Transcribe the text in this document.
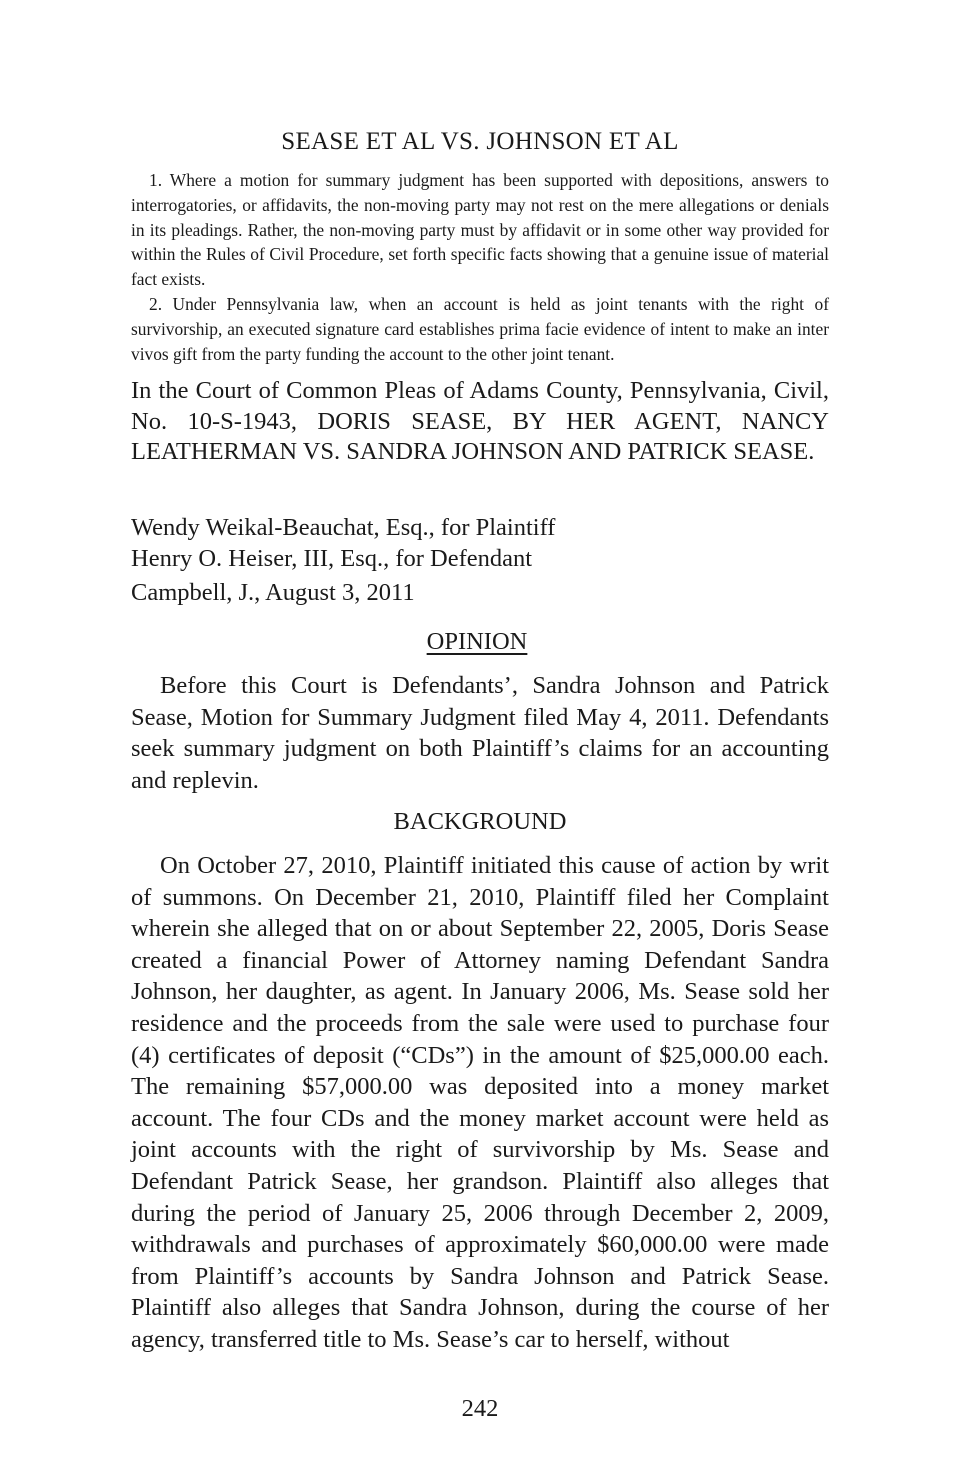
SEASE ET AL VS. JOHNSON ET AL

1. Where a motion for summary judgment has been supported with depositions, answers to interrogatories, or affidavits, the non-moving party may not rest on the mere allegations or denials in its pleadings. Rather, the non-moving party must by affidavit or in some other way provided for within the Rules of Civil Procedure, set forth specific facts showing that a genuine issue of material fact exists.

2. Under Pennsylvania law, when an account is held as joint tenants with the right of survivorship, an executed signature card establishes prima facie evidence of intent to make an inter vivos gift from the party funding the account to the other joint tenant.

In the Court of Common Pleas of Adams County, Pennsylvania, Civil, No. 10-S-1943, DORIS SEASE, BY HER AGENT, NANCY LEATHERMAN VS. SANDRA JOHNSON AND PATRICK SEASE.

Wendy Weikal-Beauchat, Esq., for Plaintiff
Henry O. Heiser, III, Esq., for Defendant
Campbell, J., August 3, 2011
OPINION

Before this Court is Defendants’, Sandra Johnson and Patrick Sease, Motion for Summary Judgment filed May 4, 2011. Defendants seek summary judgment on both Plaintiff’s claims for an accounting and replevin.

BACKGROUND

On October 27, 2010, Plaintiff initiated this cause of action by writ of summons. On December 21, 2010, Plaintiff filed her Complaint wherein she alleged that on or about September 22, 2005, Doris Sease created a financial Power of Attorney naming Defendant Sandra Johnson, her daughter, as agent. In January 2006, Ms. Sease sold her residence and the proceeds from the sale were used to purchase four (4) certificates of deposit (“CDs”) in the amount of $25,000.00 each. The remaining $57,000.00 was deposited into a money market account. The four CDs and the money market account were held as joint accounts with the right of survivorship by Ms. Sease and Defendant Patrick Sease, her grandson. Plaintiff also alleges that during the period of January 25, 2006 through December 2, 2009, withdrawals and purchases of approximately $60,000.00 were made from Plaintiff’s accounts by Sandra Johnson and Patrick Sease. Plaintiff also alleges that Sandra Johnson, during the course of her agency, transferred title to Ms. Sease’s car to herself, without

242
